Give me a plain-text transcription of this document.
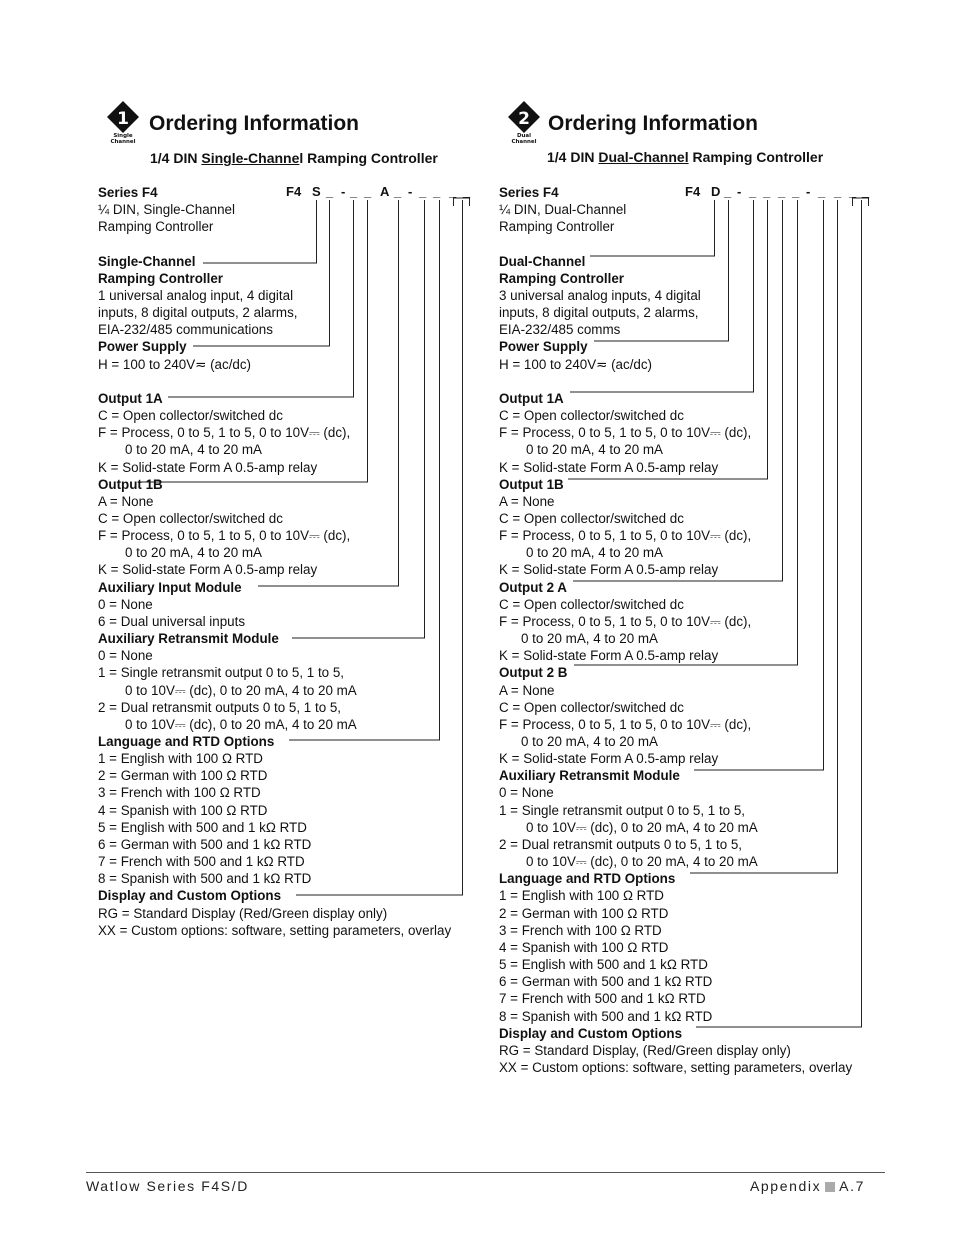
1
Single
Channel
Ordering Information
1/4 DIN Single-Channel Ramping Controller
2
Dual
Channel
Ordering Information
1/4 DIN Dual-Channel Ramping Controller
F4 S _ - _ _ A _ - _ _ _ _	F4 D _ - _ _ _ _ - _ _ _ _
Series F4
¼ DIN, Single-Channel
Ramping Controller

Single-Channel
Ramping Controller
1 universal analog input, 4 digital
inputs, 8 digital outputs, 2 alarms,
EIA-232/485 communications
Power Supply
H = 100 to 240V≂ (ac/dc)

Output 1A
C = Open collector/switched dc
F = Process, 0 to 5, 1 to 5, 0 to 10V⎓ (dc),
0 to 20 mA, 4 to 20 mA
K = Solid-state Form A 0.5-amp relay
Output 1B
A = None
C = Open collector/switched dc
F = Process, 0 to 5, 1 to 5, 0 to 10V⎓ (dc),
0 to 20 mA, 4 to 20 mA
K = Solid-state Form A 0.5-amp relay
Auxiliary Input Module
0 = None
6 = Dual universal inputs
Auxiliary Retransmit Module
0 = None
1 = Single retransmit output 0 to 5, 1 to 5,
0 to 10V⎓ (dc), 0 to 20 mA, 4 to 20 mA
2 = Dual retransmit outputs 0 to 5, 1 to 5,
0 to 10V⎓ (dc), 0 to 20 mA, 4 to 20 mA
Language and RTD Options
1 = English with 100 Ω RTD
2 = German with 100 Ω RTD
3 = French with 100 Ω RTD
4 = Spanish with 100 Ω RTD
5 = English with 500 and 1 kΩ RTD
6 = German with 500 and 1 kΩ RTD
7 = French with 500 and 1 kΩ RTD
8 = Spanish with 500 and 1 kΩ RTD
Display and Custom Options
RG = Standard Display (Red/Green display only)
XX = Custom options: software, setting parameters, overlay
Series F4
¼ DIN, Dual-Channel
Ramping Controller

Dual-Channel
Ramping Controller
3 universal analog inputs, 4 digital
inputs, 8 digital outputs, 2 alarms,
EIA-232/485 comms
Power Supply
H = 100 to 240V≂ (ac/dc)

Output 1A
C = Open collector/switched dc
F = Process, 0 to 5, 1 to 5, 0 to 10V⎓ (dc),
0 to 20 mA, 4 to 20 mA
K = Solid-state Form A 0.5-amp relay
Output 1B
A = None
C = Open collector/switched dc
F = Process, 0 to 5, 1 to 5, 0 to 10V⎓ (dc),
0 to 20 mA, 4 to 20 mA
K = Solid-state Form A 0.5-amp relay
Output 2 A
C = Open collector/switched dc
F = Process, 0 to 5, 1 to 5, 0 to 10V⎓ (dc),
0 to 20 mA, 4 to 20 mA
K = Solid-state Form A 0.5-amp relay
Output 2 B
A = None
C = Open collector/switched dc
F = Process, 0 to 5, 1 to 5, 0 to 10V⎓ (dc),
0 to 20 mA, 4 to 20 mA
K = Solid-state Form A 0.5-amp relay
Auxiliary Retransmit Module
0 = None
1 = Single retransmit output 0 to 5, 1 to 5,
0 to 10V⎓ (dc), 0 to 20 mA, 4 to 20 mA
2 = Dual retransmit outputs 0 to 5, 1 to 5,
0 to 10V⎓ (dc), 0 to 20 mA, 4 to 20 mA
Language and RTD Options
1 = English with 100 Ω RTD
2 = German with 100 Ω RTD
3 = French with 100 Ω RTD
4 = Spanish with 100 Ω RTD
5 = English with 500 and 1 kΩ RTD
6 = German with 500 and 1 kΩ RTD
7 = French with 500 and 1 kΩ RTD
8 = Spanish with 500 and 1 kΩ RTD
Display and Custom Options
RG = Standard Display, (Red/Green display only)
XX = Custom options: software, setting parameters, overlay
Watlow Series F4S/D	Appendix A.7
